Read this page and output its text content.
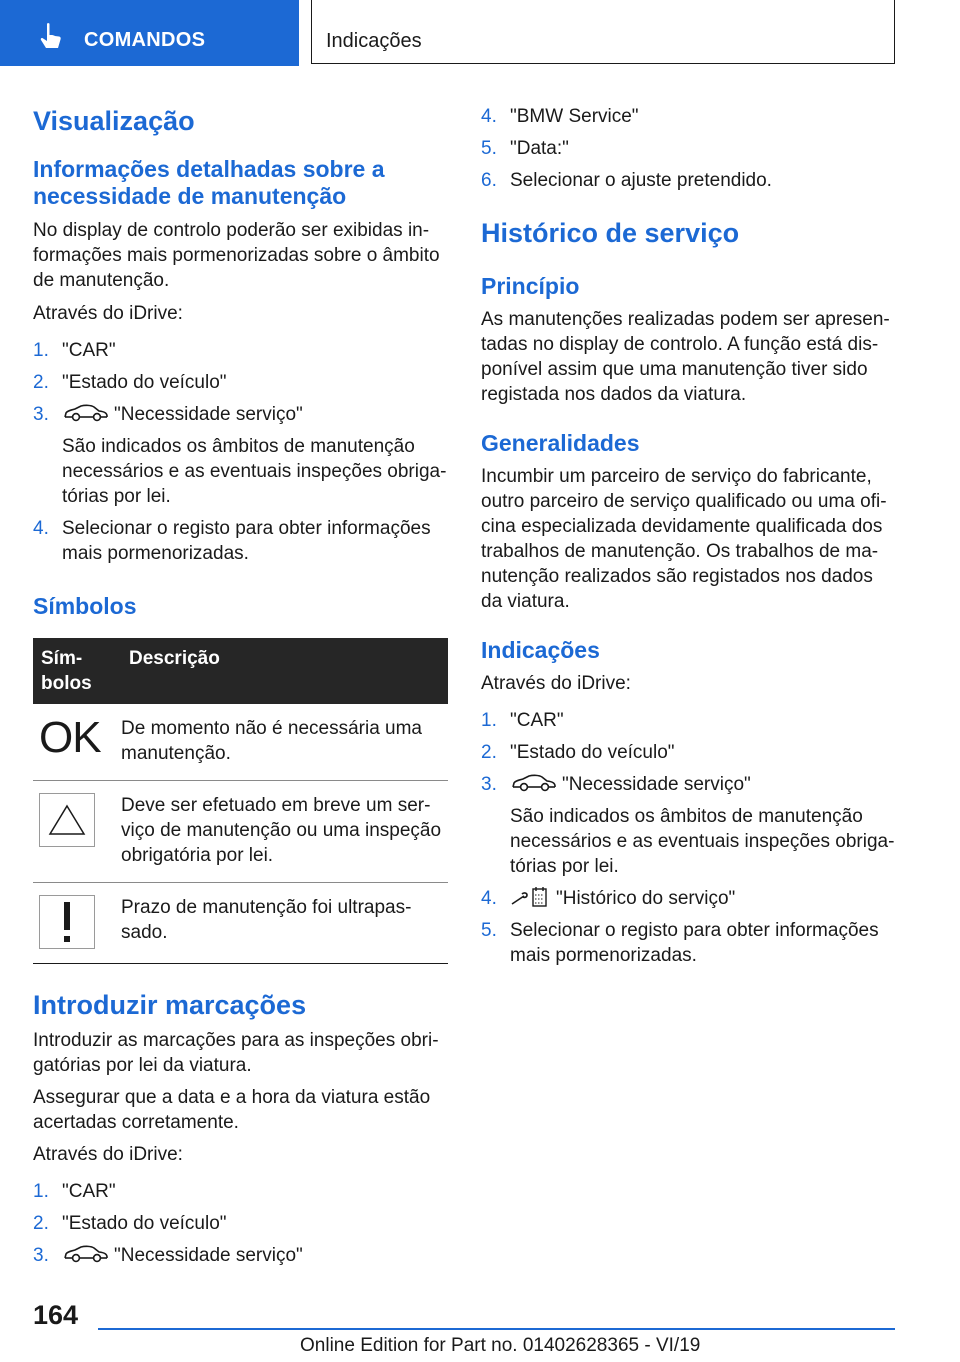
COMANDOS	Indicações
Visualização
Informações detalhadas sobre a necessidade de manutenção

No display de controlo poderão ser exibidas informações mais pormenorizadas sobre o âmbito de manutenção.

Através do iDrive:

1. "CAR"
2. "Estado do veículo"
3.	"Necessidade serviço"
São indicados os âmbitos de manutenção necessários e as eventuais inspeções obrigatórias por lei.
4. Selecionar o registo para obter informações mais pormenorizadas.
Símbolos
Símbolos	Descrição
OK	De momento não é necessária uma manutenção.

	Deve ser efetuado em breve um serviço de manutenção ou uma inspeção obrigatória por lei.

	Prazo de manutenção foi ultrapassado.
Introduzir marcações

Introduzir as marcações para as inspeções obrigatórias por lei da viatura.

Assegurar que a data e a hora da viatura estão acertadas corretamente.

Através do iDrive:

1. "CAR"
2. "Estado do veículo"
3.	"Necessidade serviço"
4. "BMW Service"
5. "Data:"
6. Selecionar o ajuste pretendido.
Histórico de serviço
Princípio

As manutenções realizadas podem ser apresentadas no display de controlo. A função está disponível assim que uma manutenção tiver sido registada nos dados da viatura.

Generalidades

Incumbir um parceiro de serviço do fabricante, outro parceiro de serviço qualificado ou uma oficina especializada devidamente qualificada dos trabalhos de manutenção. Os trabalhos de manutenção realizados são registados nos dados da viatura.

Indicações

Através do iDrive:

1. "CAR"
2. "Estado do veículo"
3.	"Necessidade serviço"
São indicados os âmbitos de manutenção necessários e as eventuais inspeções obrigatórias por lei.
4.	"Histórico do serviço"
5. Selecionar o registo para obter informações mais pormenorizadas.
164
Online Edition for Part no. 01402628365 - VI/19
